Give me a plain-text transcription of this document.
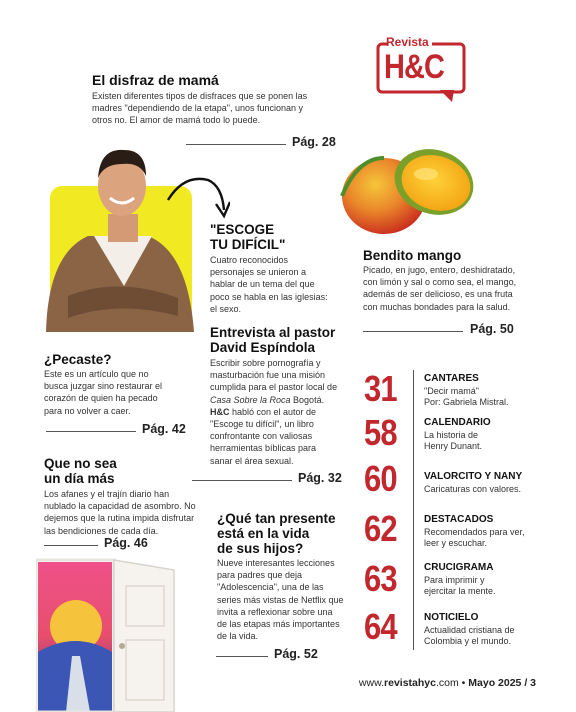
Revista
H&C
El disfraz de mamá
Existen diferentes tipos de disfraces que se ponen las madres "dependiendo de la etapa", unos funcionan y otros no. El amor de mamá todo lo puede.
Pág. 28
"ESCOGE
TU DIFÍCIL"
Cuatro reconocidos personajes se unieron a hablar de un tema del que poco se habla en las iglesias: el sexo.
Bendito mango
Picado, en jugo, entero, deshidratado, con limón y sal o como sea, el mango, además de ser delicioso, es una fruta con muchas bondades para la salud.
Pág. 50
Entrevista al pastor
David Espíndola
Escribir sobre pornografía y masturbación fue una misión cumplida para el pastor local de Casa Sobre la Roca Bogotá. H&C habló con el autor de "Escoge tu difícil", un libro confrontante con valiosas herramientas bíblicas para sanar el área sexual.
Pág. 32
¿Pecaste?
Este es un artículo que no busca juzgar sino restaurar el corazón de quien ha pecado para no volver a caer.
Pág. 42
Que no sea
un día más
Los afanes y el trajín diario han nublado la capacidad de asombro. No dejemos que la rutina impida disfrutar las bendiciones de cada día.
Pág. 46
¿Qué tan presente
está en la vida
de sus hijos?
Nueve interesantes lecciones para padres que deja "Adolescencia", una de las series más vistas de Netflix que invita a reflexionar sobre una de las etapas más importantes de la vida.
Pág. 52
31	CANTARES
"Decir mamá"
Por: Gabriela Mistral.
58	CALENDARIO
La historia de
Henry Dunant.
60	VALORCITO Y NANY
Caricaturas con valores.
62	DESTACADOS
Recomendados para ver,
leer y escuchar.
63	CRUCIGRAMA
Para imprimir y
ejercitar la mente.
64	NOTICIELO
Actualidad cristiana de
Colombia y el mundo.
www.revistahyc.com • Mayo 2025 / 3
